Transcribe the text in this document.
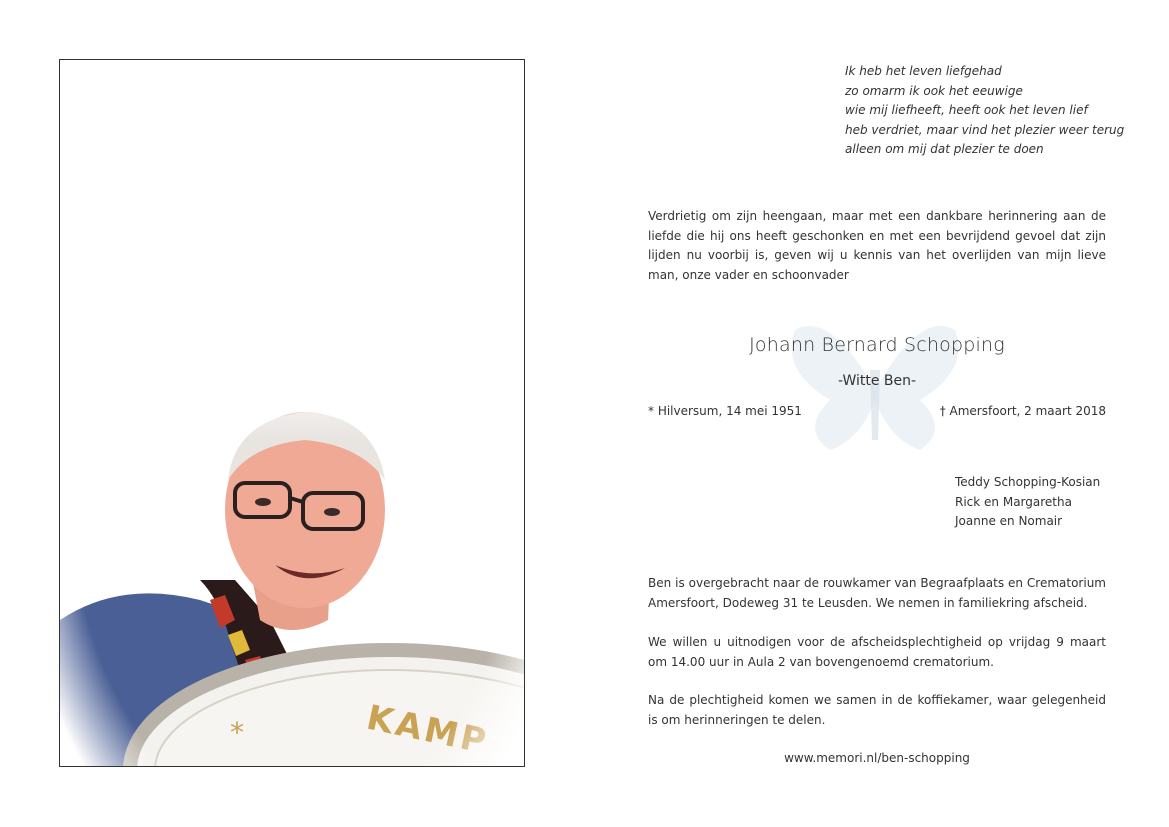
Ik heb het leven liefgehad
zo omarm ik ook het eeuwige
wie mij liefheeft, heeft ook het leven lief
heb verdriet, maar vind het plezier weer terug
alleen om mij dat plezier te doen
Verdrietig om zijn heengaan, maar met een dankbare herinnering aan de liefde die hij ons heeft geschonken en met een bevrijdend gevoel dat zijn lijden nu voorbij is, geven wij u kennis van het overlijden van mijn lieve man, onze vader en schoonvader
Johann Bernard Schopping
-Witte Ben-
* Hilversum, 14 mei 1951	† Amersfoort, 2 maart 2018
Teddy Schopping-Kosian
Rick en Margaretha
Joanne en Nomair
Ben is overgebracht naar de rouwkamer van Begraafplaats en Crematorium Amersfoort, Dodeweg 31 te Leusden. We nemen in familiekring afscheid.
We willen u uitnodigen voor de afscheidsplechtigheid op vrijdag 9 maart om 14.00 uur in Aula 2 van bovengenoemd crematorium.
Na de plechtigheid komen we samen in de koffiekamer, waar gelegenheid is om herinneringen te delen.
www.memori.nl/ben-schopping
